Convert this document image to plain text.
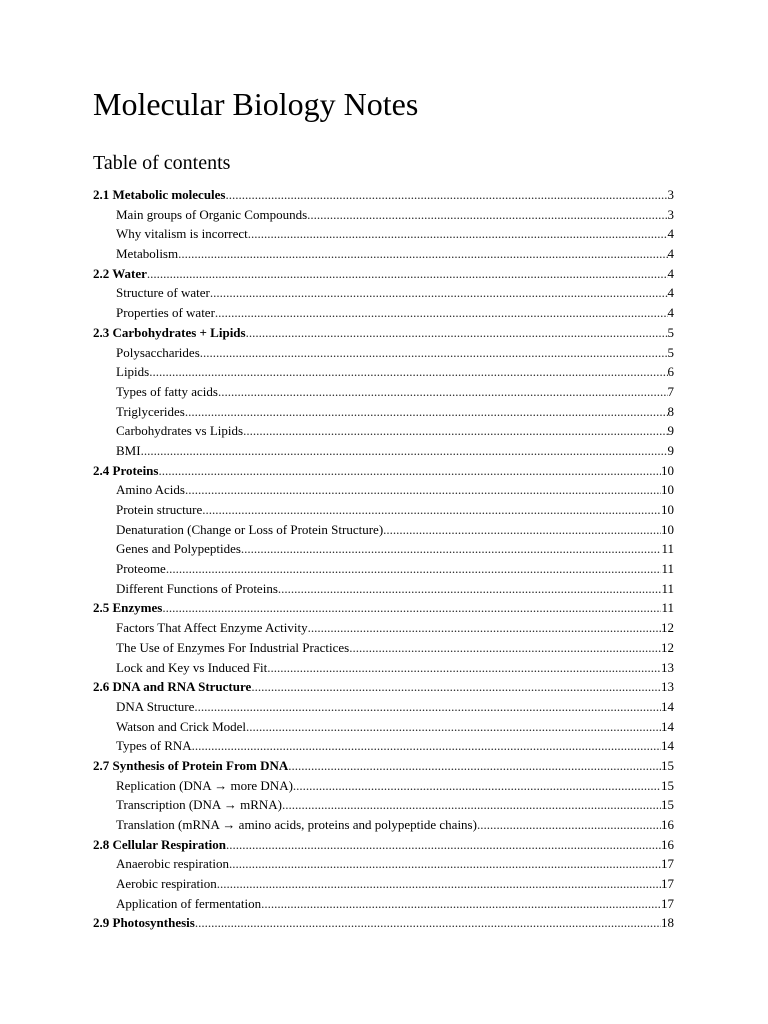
Molecular Biology Notes
Table of contents
2.1 Metabolic molecules .....	3
Main groups of Organic Compounds .....	3
Why vitalism is incorrect .....	4
Metabolism .....	4
2.2 Water .....	4
Structure of water .....	4
Properties of water .....	4
2.3 Carbohydrates + Lipids .....	5
Polysaccharides .....	5
Lipids .....	6
Types of fatty acids .....	7
Triglycerides .....	8
Carbohydrates vs Lipids .....	9
BMI .....	9
2.4 Proteins .....	10
Amino Acids .....	10
Protein structure .....	10
Denaturation (Change or Loss of Protein Structure) .....	10
Genes and Polypeptides .....	11
Proteome .....	11
Different Functions of Proteins .....	11
2.5 Enzymes .....	11
Factors That Affect Enzyme Activity .....	12
The Use of Enzymes For Industrial Practices .....	12
Lock and Key vs Induced Fit .....	13
2.6 DNA and RNA Structure .....	13
DNA Structure .....	14
Watson and Crick Model .....	14
Types of RNA .....	14
2.7 Synthesis of Protein From DNA .....	15
Replication (DNA → more DNA) .....	15
Transcription (DNA → mRNA) .....	15
Translation (mRNA → amino acids, proteins and polypeptide chains) .....	16
2.8 Cellular Respiration .....	16
Anaerobic respiration .....	17
Aerobic respiration .....	17
Application of fermentation .....	17
2.9 Photosynthesis .....	18
